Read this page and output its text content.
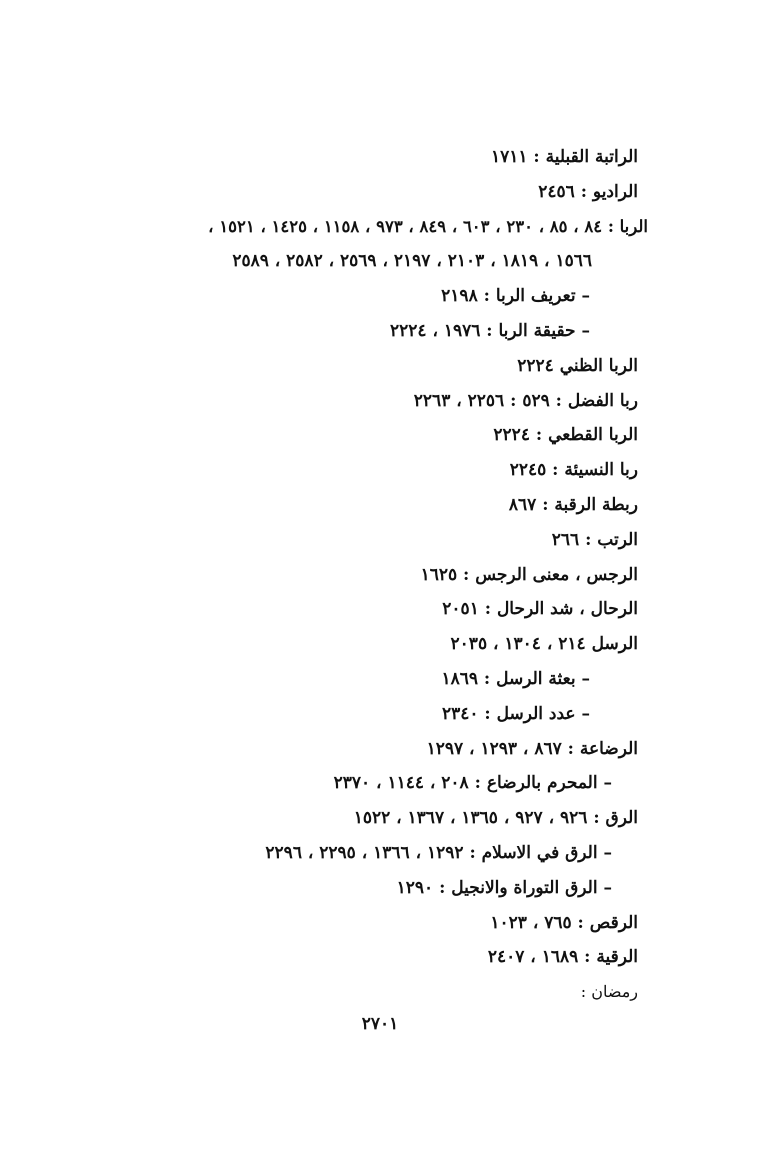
الراتبة القبلية : ١٧١١
الراديو : ٢٤٥٦
الربا : ٨٤ ، ٨٥ ، ٢٣٠ ، ٦٠٣ ، ٨٤٩ ، ٩٧٣ ، ١١٥٨ ، ١٤٢٥ ، ١٥٢١ ،
١٥٦٦ ، ١٨١٩ ، ٢١٠٣ ، ٢١٩٧ ، ٢٥٦٩ ، ٢٥٨٢ ، ٢٥٨٩
– تعريف الربا : ٢١٩٨
– حقيقة الربا : ١٩٧٦ ، ٢٢٢٤
الربا الظني ٢٢٢٤
ربا الفضل : ٥٢٩ : ٢٢٥٦ ، ٢٢٦٣
الربا القطعي : ٢٢٢٤
ربا النسيئة : ٢٢٤٥
ربطة الرقبة : ٨٦٧
الرتب : ٢٦٦
الرجس ، معنى الرجس : ١٦٢٥
الرحال ، شد الرحال : ٢٠٥١
الرسل ٢١٤ ، ١٣٠٤ ، ٢٠٣٥
– بعثة الرسل : ١٨٦٩
– عدد الرسل : ٢٣٤٠
الرضاعة : ٨٦٧ ، ١٢٩٣ ، ١٢٩٧
– المحرم بالرضاع : ٢٠٨ ، ١١٤٤ ، ٢٣٧٠
الرق : ٩٢٦ ، ٩٢٧ ، ١٣٦٥ ، ١٣٦٧ ، ١٥٢٢
– الرق في الاسلام : ١٢٩٢ ، ١٣٦٦ ، ٢٢٩٥ ، ٢٢٩٦
– الرق التوراة والانجيل : ١٢٩٠
الرقص : ٧٦٥ ، ١٠٢٣
الرقية : ١٦٨٩ ، ٢٤٠٧
رمضان :
٢٧٠١
